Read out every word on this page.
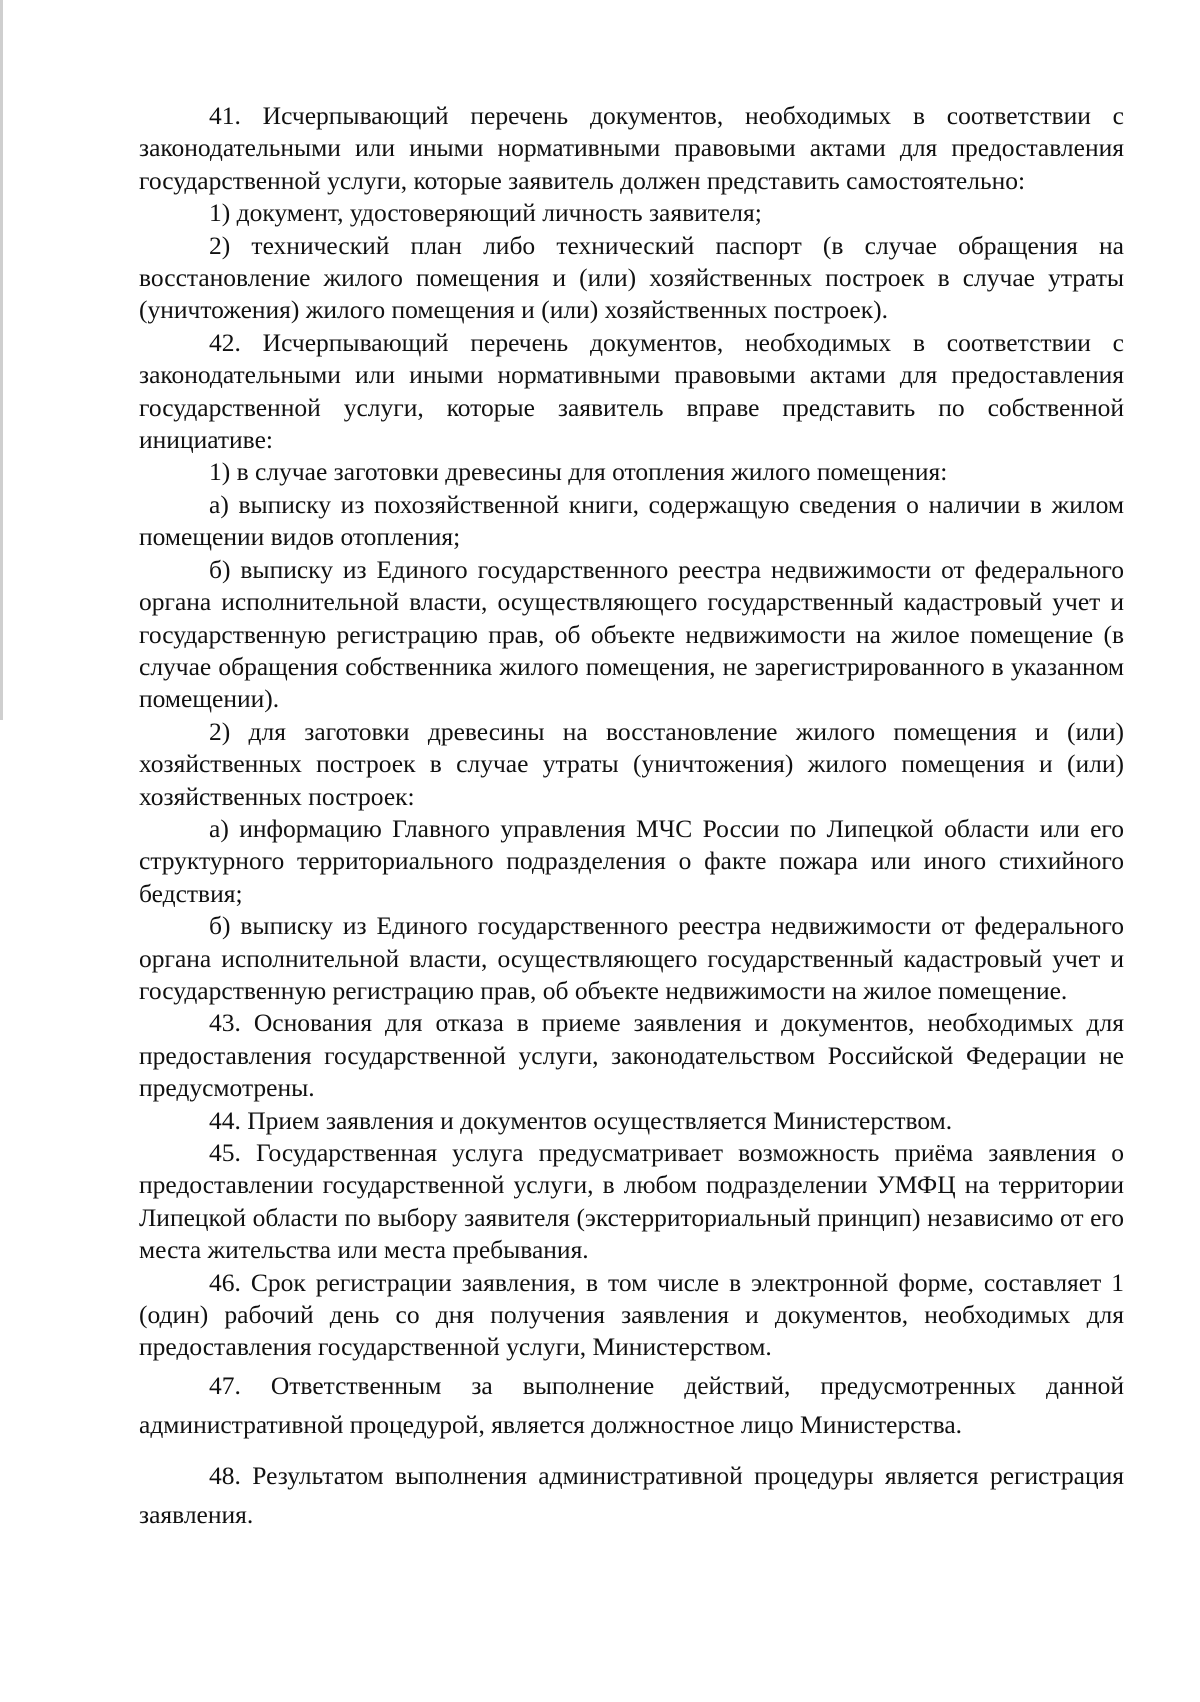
41. Исчерпывающий перечень документов, необходимых в соответствии с законодательными или иными нормативными правовыми актами для предоставления государственной услуги, которые заявитель должен представить самостоятельно:

1) документ, удостоверяющий личность заявителя;

2) технический план либо технический паспорт (в случае обращения на восстановление жилого помещения и (или) хозяйственных построек в случае утраты (уничтожения) жилого помещения и (или) хозяйственных построек).

42. Исчерпывающий перечень документов, необходимых в соответствии с законодательными или иными нормативными правовыми актами для предоставления государственной услуги, которые заявитель вправе представить по собственной инициативе:

1) в случае заготовки древесины для отопления жилого помещения:

а) выписку из похозяйственной книги, содержащую сведения о наличии в жилом помещении видов отопления;

б) выписку из Единого государственного реестра недвижимости от федерального органа исполнительной власти, осуществляющего государственный кадастровый учет и государственную регистрацию прав, об объекте недвижимости на жилое помещение (в случае обращения собственника жилого помещения, не зарегистрированного в указанном помещении).

2) для заготовки древесины на восстановление жилого помещения и (или) хозяйственных построек в случае утраты (уничтожения) жилого помещения и (или) хозяйственных построек:

а) информацию Главного управления МЧС России по Липецкой области или его структурного территориального подразделения о факте пожара или иного стихийного бедствия;

б) выписку из Единого государственного реестра недвижимости от федерального органа исполнительной власти, осуществляющего государственный кадастровый учет и государственную регистрацию прав, об объекте недвижимости на жилое помещение.

43. Основания для отказа в приеме заявления и документов, необходимых для предоставления государственной услуги, законодательством Российской Федерации не предусмотрены.

44. Прием заявления и документов осуществляется Министерством.

45. Государственная услуга предусматривает возможность приёма заявления о предоставлении государственной услуги, в любом подразделении УМФЦ на территории Липецкой области по выбору заявителя (экстерриториальный принцип) независимо от его места жительства или места пребывания.

46. Срок регистрации заявления, в том числе в электронной форме, составляет 1 (один) рабочий день со дня получения заявления и документов, необходимых для предоставления государственной услуги, Министерством.

47. Ответственным за выполнение действий, предусмотренных данной административной процедурой, является должностное лицо Министерства.

48. Результатом выполнения административной процедуры является регистрация заявления.
